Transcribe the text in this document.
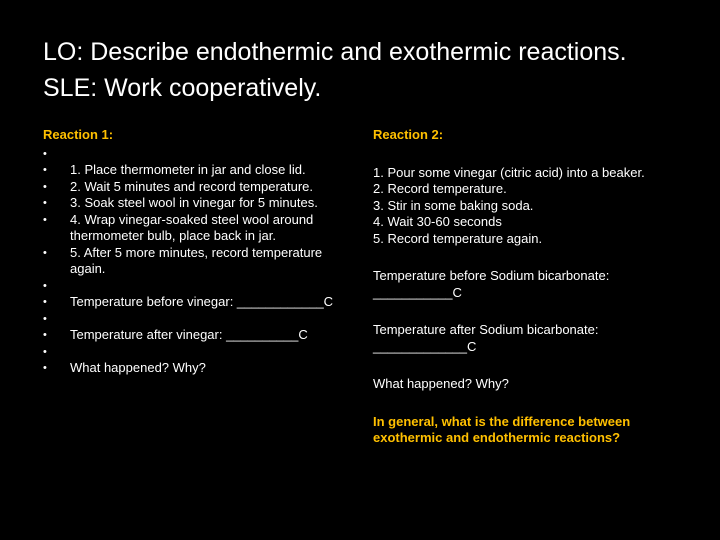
LO: Describe endothermic and exothermic reactions.
SLE: Work cooperatively.
Reaction 1:
•
•	1. Place thermometer in jar and close lid.
•	2. Wait 5 minutes and record temperature.
•	3. Soak steel wool in vinegar for 5 minutes.
•	4. Wrap vinegar-soaked steel wool around thermometer bulb, place back in jar.
•	5. After 5 more minutes, record temperature again.
•
•	Temperature before vinegar: ____________C
•
•	Temperature after vinegar: __________C
•
•	What happened? Why?
Reaction 2:
1. Pour some vinegar (citric acid) into a beaker.
2. Record temperature.
3. Stir in some baking soda.
4. Wait 30-60 seconds
5. Record temperature again.
Temperature before Sodium bicarbonate: ___________C
Temperature after Sodium bicarbonate: _____________C
What happened? Why?
In general, what is the difference between exothermic and endothermic reactions?
